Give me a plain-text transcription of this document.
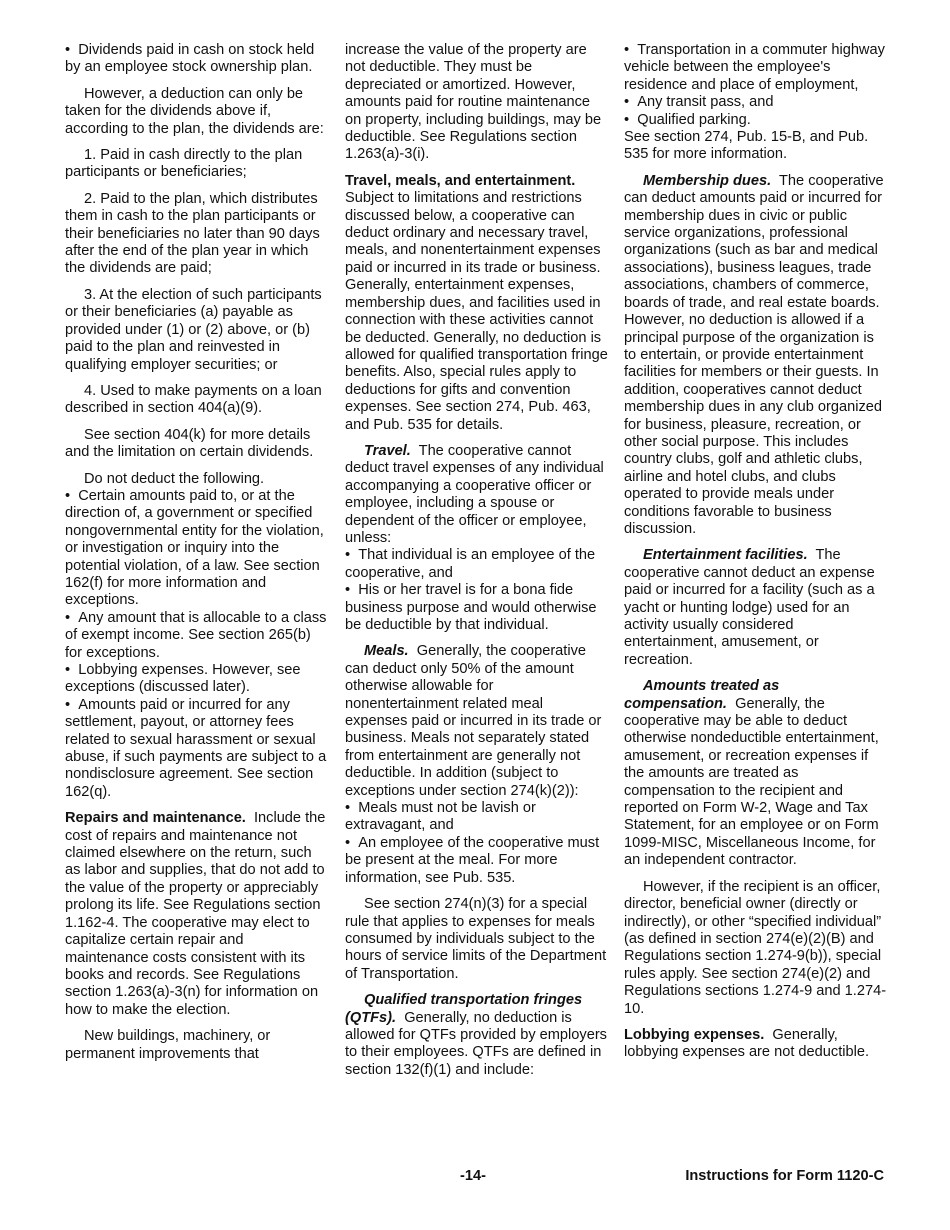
•  Dividends paid in cash on stock held by an employee stock ownership plan.

However, a deduction can only be taken for the dividends above if, according to the plan, the dividends are:

1. Paid in cash directly to the plan participants or beneficiaries;

2. Paid to the plan, which distributes them in cash to the plan participants or their beneficiaries no later than 90 days after the end of the plan year in which the dividends are paid;

3. At the election of such participants or their beneficiaries (a) payable as provided under (1) or (2) above, or (b) paid to the plan and reinvested in qualifying employer securities; or

4. Used to make payments on a loan described in section 404(a)(9).

See section 404(k) for more details and the limitation on certain dividends.

Do not deduct the following.

•  Certain amounts paid to, or at the direction of, a government or specified nongovernmental entity for the violation, or investigation or inquiry into the potential violation, of a law. See section 162(f) for more information and exceptions.

•  Any amount that is allocable to a class of exempt income. See section 265(b) for exceptions.

•  Lobbying expenses. However, see exceptions (discussed later).

•  Amounts paid or incurred for any settlement, payout, or attorney fees related to sexual harassment or sexual abuse, if such payments are subject to a nondisclosure agreement. See section 162(q).

Repairs and maintenance. Include the cost of repairs and maintenance not claimed elsewhere on the return, such as labor and supplies, that do not add to the value of the property or appreciably prolong its life. See Regulations section 1.162-4. The cooperative may elect to capitalize certain repair and maintenance costs consistent with its books and records. See Regulations section 1.263(a)-3(n) for information on how to make the election.

New buildings, machinery, or permanent improvements that

increase the value of the property are not deductible. They must be depreciated or amortized. However, amounts paid for routine maintenance on property, including buildings, may be deductible. See Regulations section 1.263(a)-3(i).

Travel, meals, and entertainment. Subject to limitations and restrictions discussed below, a cooperative can deduct ordinary and necessary travel, meals, and nonentertainment expenses paid or incurred in its trade or business. Generally, entertainment expenses, membership dues, and facilities used in connection with these activities cannot be deducted. Generally, no deduction is allowed for qualified transportation fringe benefits. Also, special rules apply to deductions for gifts and convention expenses. See section 274, Pub. 463, and Pub. 535 for details.

Travel. The cooperative cannot deduct travel expenses of any individual accompanying a cooperative officer or employee, including a spouse or dependent of the officer or employee, unless:

•  That individual is an employee of the cooperative, and

•  His or her travel is for a bona fide business purpose and would otherwise be deductible by that individual.

Meals. Generally, the cooperative can deduct only 50% of the amount otherwise allowable for nonentertainment related meal expenses paid or incurred in its trade or business. Meals not separately stated from entertainment are generally not deductible. In addition (subject to exceptions under section 274(k)(2)):

•  Meals must not be lavish or extravagant, and

•  An employee of the cooperative must be present at the meal. For more information, see Pub. 535.

See section 274(n)(3) for a special rule that applies to expenses for meals consumed by individuals subject to the hours of service limits of the Department of Transportation.

Qualified transportation fringes (QTFs). Generally, no deduction is allowed for QTFs provided by employers to their employees. QTFs are defined in section 132(f)(1) and include:

•  Transportation in a commuter highway vehicle between the employee's residence and place of employment,

•  Any transit pass, and

•  Qualified parking.

See section 274, Pub. 15-B, and Pub. 535 for more information.

Membership dues. The cooperative can deduct amounts paid or incurred for membership dues in civic or public service organizations, professional organizations (such as bar and medical associations), business leagues, trade associations, chambers of commerce, boards of trade, and real estate boards. However, no deduction is allowed if a principal purpose of the organization is to entertain, or provide entertainment facilities for members or their guests. In addition, cooperatives cannot deduct membership dues in any club organized for business, pleasure, recreation, or other social purpose. This includes country clubs, golf and athletic clubs, airline and hotel clubs, and clubs operated to provide meals under conditions favorable to business discussion.

Entertainment facilities. The cooperative cannot deduct an expense paid or incurred for a facility (such as a yacht or hunting lodge) used for an activity usually considered entertainment, amusement, or recreation.

Amounts treated as compensation. Generally, the cooperative may be able to deduct otherwise nondeductible entertainment, amusement, or recreation expenses if the amounts are treated as compensation to the recipient and reported on Form W-2, Wage and Tax Statement, for an employee or on Form 1099-MISC, Miscellaneous Income, for an independent contractor.

However, if the recipient is an officer, director, beneficial owner (directly or indirectly), or other “specified individual” (as defined in section 274(e)(2)(B) and Regulations section 1.274-9(b)), special rules apply. See section 274(e)(2) and Regulations sections 1.274-9 and 1.274-10.

Lobbying expenses. Generally, lobbying expenses are not deductible.

-14-	Instructions for Form 1120-C
